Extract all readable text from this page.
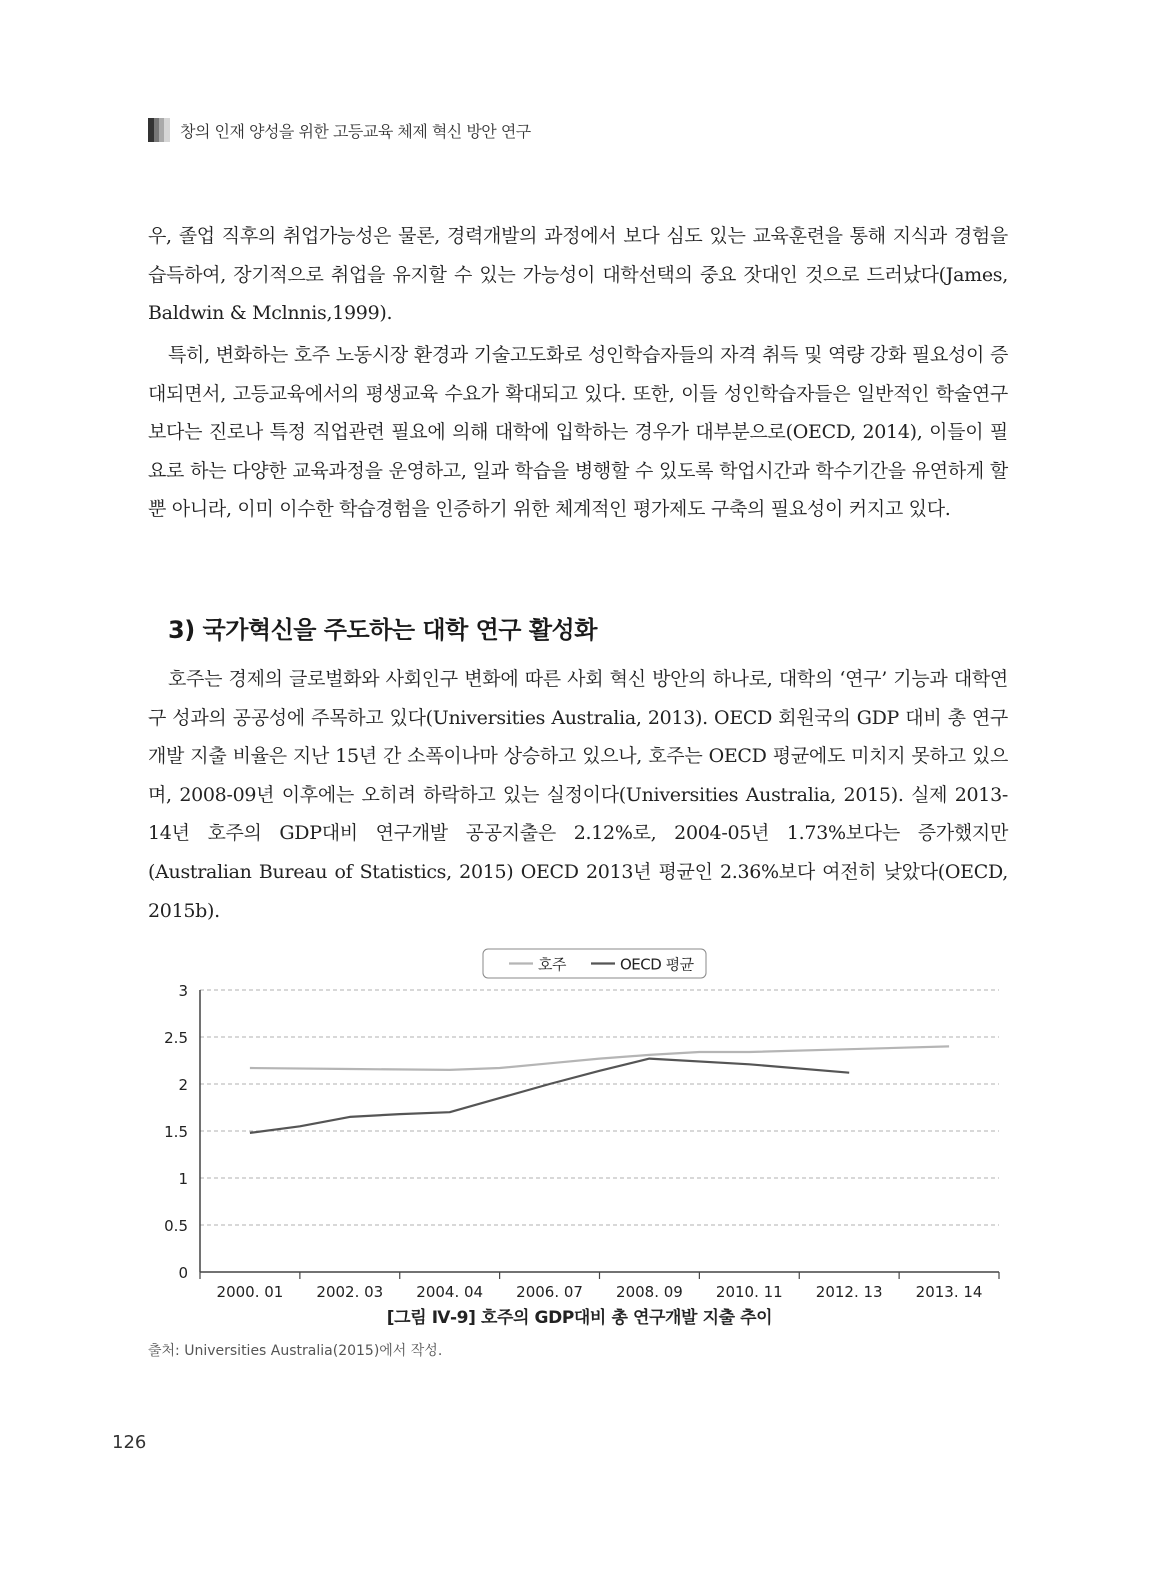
창의 인재 양성을 위한 고등교육 체제 혁신 방안 연구

우, 졸업 직후의 취업가능성은 물론, 경력개발의 과정에서 보다 심도 있는 교육훈련을 통해 지식과 경험을 습득하여, 장기적으로 취업을 유지할 수 있는 가능성이 대학선택의 중요 잣대인 것으로 드러났다(James, Baldwin & Mclnnis,1999).

특히, 변화하는 호주 노동시장 환경과 기술고도화로 성인학습자들의 자격 취득 및 역량 강화 필요성이 증대되면서, 고등교육에서의 평생교육 수요가 확대되고 있다. 또한, 이들 성인학습자들은 일반적인 학술연구보다는 진로나 특정 직업관련 필요에 의해 대학에 입학하는 경우가 대부분으로(OECD, 2014), 이들이 필요로 하는 다양한 교육과정을 운영하고, 일과 학습을 병행할 수 있도록 학업시간과 학수기간을 유연하게 할 뿐 아니라, 이미 이수한 학습경험을 인증하기 위한 체계적인 평가제도 구축의 필요성이 커지고 있다.

3) 국가혁신을 주도하는 대학 연구 활성화

호주는 경제의 글로벌화와 사회인구 변화에 따른 사회 혁신 방안의 하나로, 대학의 ‘연구’ 기능과 대학연구 성과의 공공성에 주목하고 있다(Universities Australia, 2013). OECD 회원국의 GDP 대비 총 연구개발 지출 비율은 지난 15년 간 소폭이나마 상승하고 있으나, 호주는 OECD 평균에도 미치지 못하고 있으며, 2008-09년 이후에는 오히려 하락하고 있는 실정이다(Universities Australia, 2015). 실제 2013-14년 호주의 GDP대비 연구개발 공공지출은 2.12%로, 2004-05년 1.73%보다는 증가했지만(Australian Bureau of Statistics, 2015) OECD 2013년 평균인 2.36%보다 여전히 낮았다(OECD, 2015b).

0
0.5
1
1.5
2
2.5
3
2000. 01 2002. 03 2004. 04 2006. 07 2008. 09 2010. 11 2012. 13 2013. 14
호주	OECD 평균
[그림 Ⅳ-9] 호주의 GDP대비 총 연구개발 지출 추이
출처: Universities Australia(2015)에서 작성.
126
